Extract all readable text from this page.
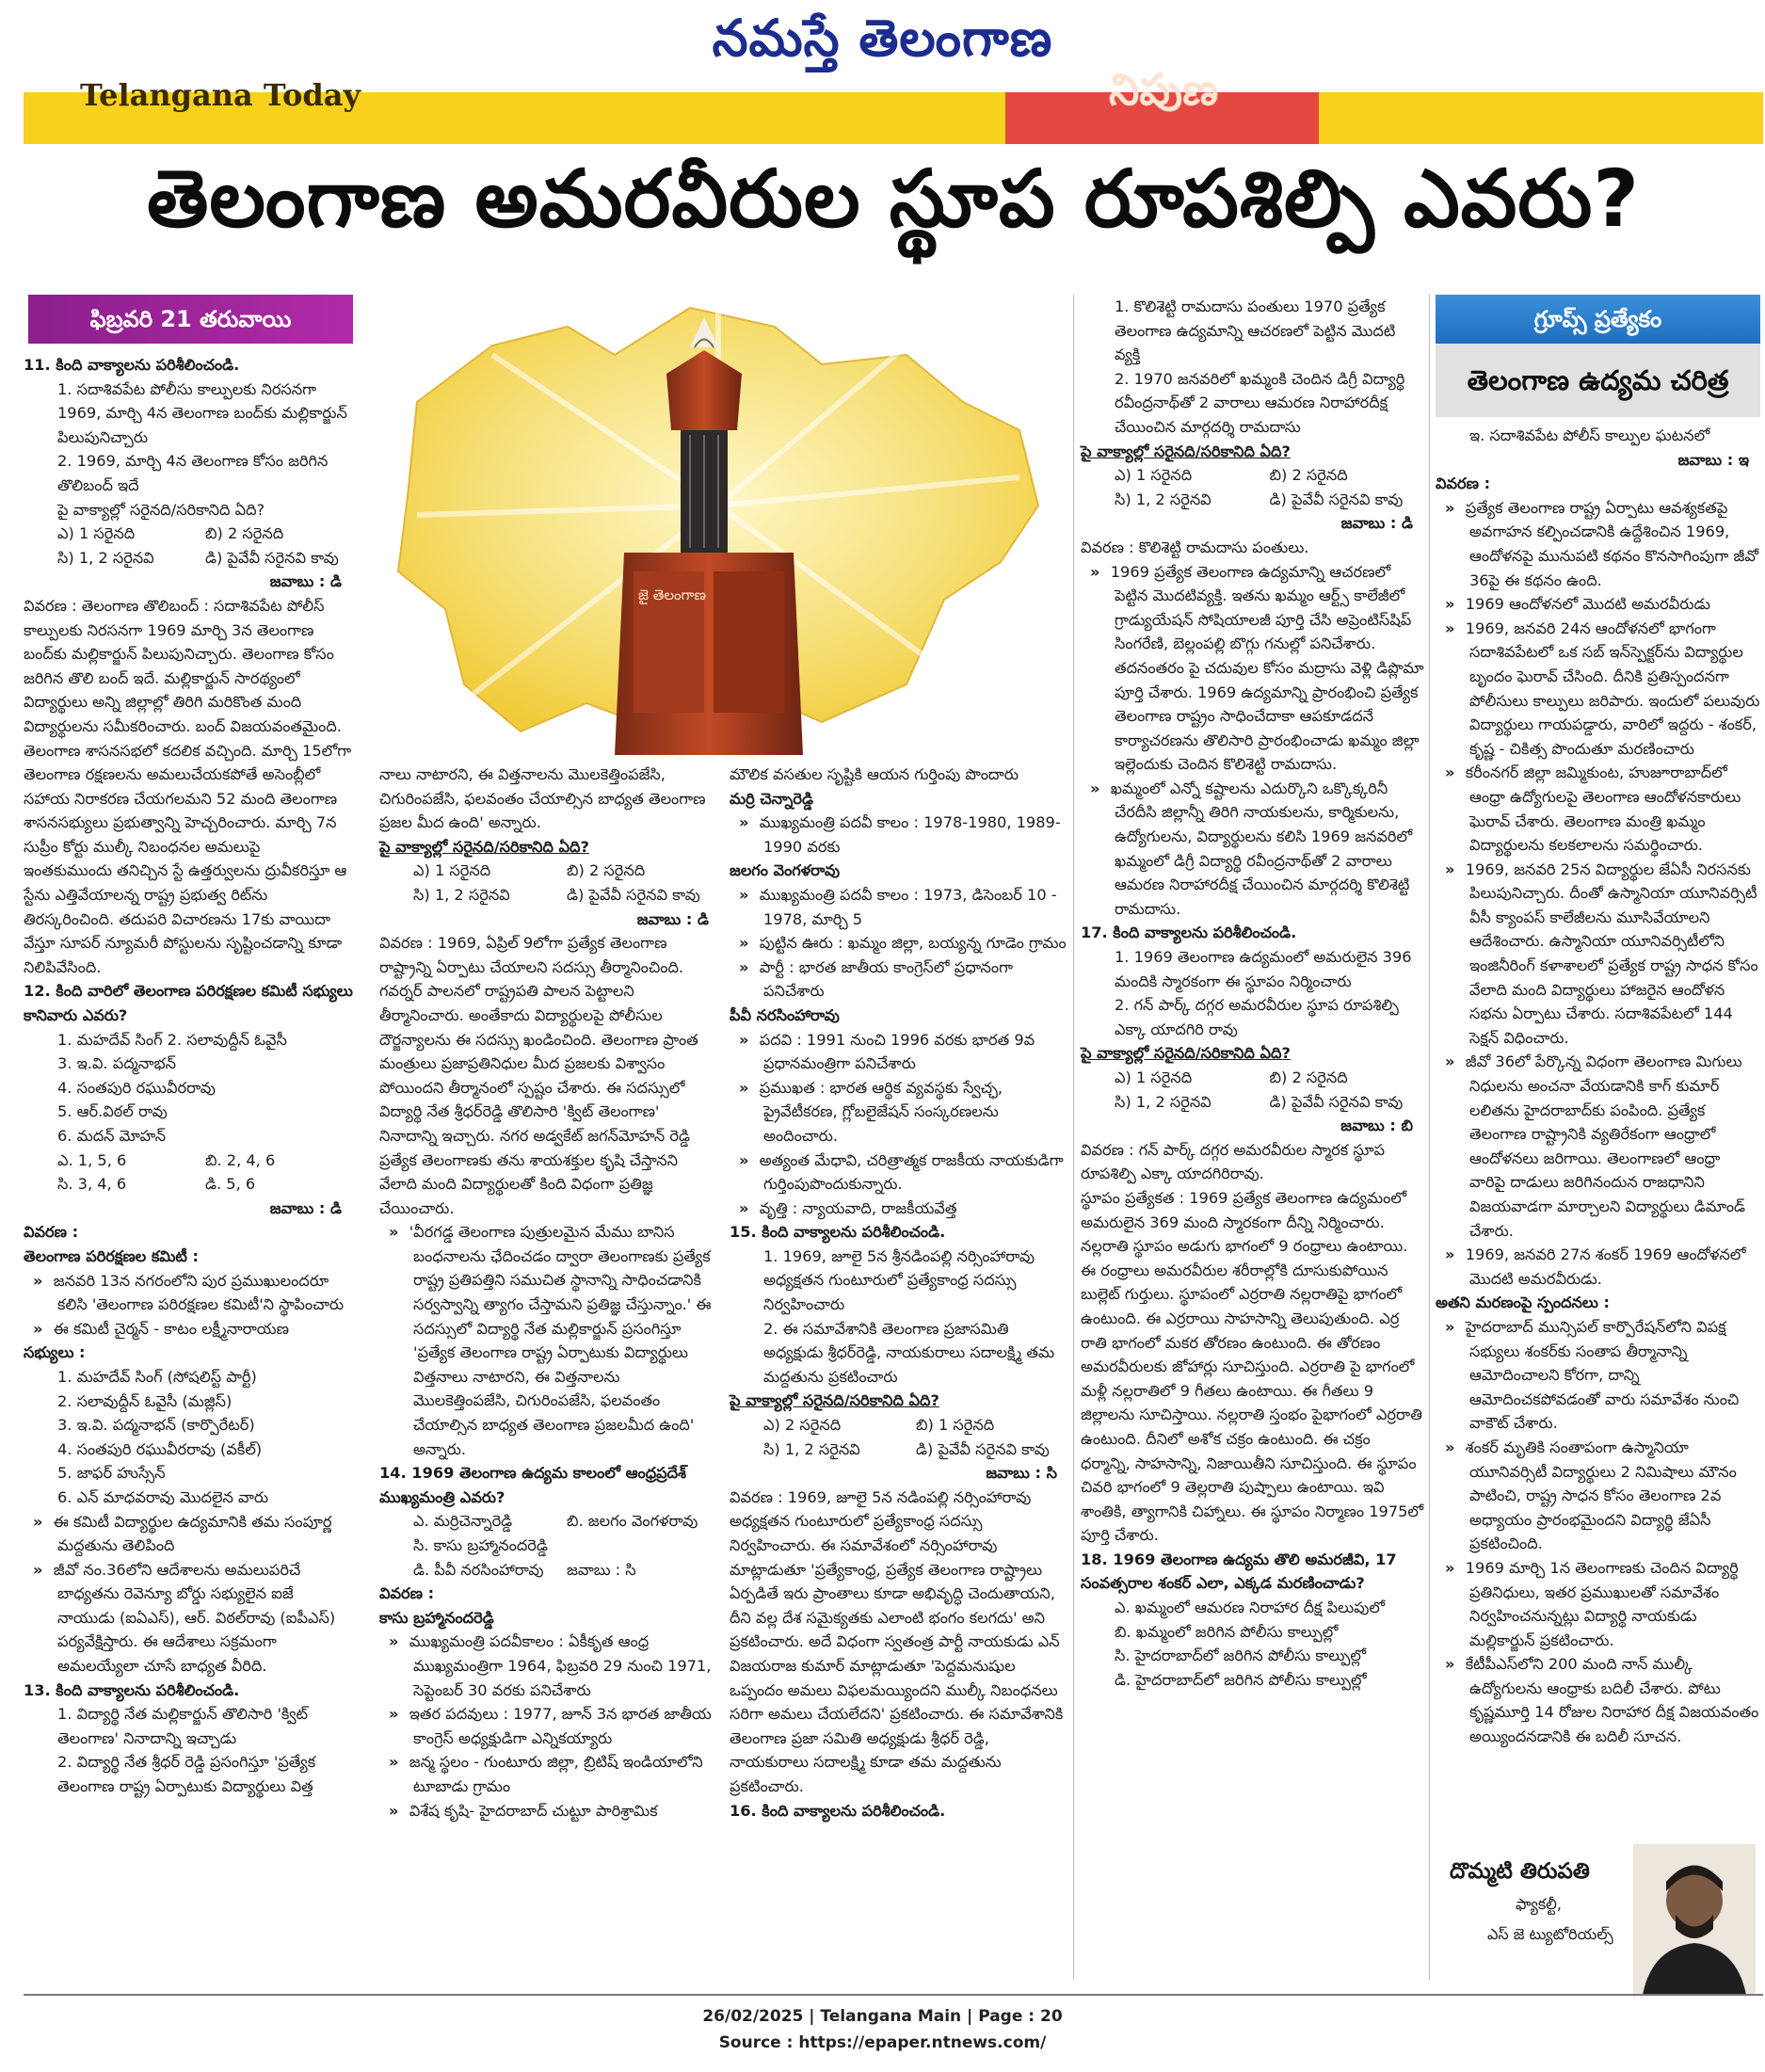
నమస్తే తెలంగాణ
Telangana Today	నిపుణ
తెలంగాణ అమరవీరుల స్థూప రూపశిల్పి ఎవరు?
ఫిబ్రవరి 21 తరువాయి

11. కింది వాక్యాలను పరిశీలించండి.

1. సదాశివపేట పోలీసు కాల్పులకు నిరసనగా 1969, మార్చి 4న తెలంగాణ బంద్‌కు మల్లికార్జున్ పిలుపునిచ్చారు

2. 1969, మార్చి 4న తెలంగాణ కోసం జరిగిన తొలిబంద్ ఇదే

పై వాక్యాల్లో సరైనది/సరికానిది ఏది?

ఎ) 1 సరైనది	బి) 2 సరైనది
సి) 1, 2 సరైనవి	డి) పైవేవీ సరైనవి కావు

జవాబు : డి

వివరణ : తెలంగాణ తొలిబంద్ : సదాశివపేట పోలీస్ కాల్పులకు నిరసనగా 1969 మార్చి 3న తెలంగాణ బంద్‌కు మల్లికార్జున్ పిలుపునిచ్చారు. తెలంగాణ కోసం జరిగిన తొలి బంద్ ఇదే. మల్లికార్జున్ సారథ్యంలో విద్యార్థులు అన్ని జిల్లాల్లో తిరిగి మరికొంత మంది విద్యార్థులను సమీకరించారు. బంద్ విజయవంతమైంది. తెలంగాణ శాసనసభలో కదలిక వచ్చింది. మార్చి 15లోగా తెలంగాణ రక్షణలను అమలుచేయకపోతే అసెంబ్లీలో సహాయ నిరాకరణ చేయగలమని 52 మంది తెలంగాణ శాసనసభ్యులు ప్రభుత్వాన్ని హెచ్చరించారు. మార్చి 7న సుప్రీం కోర్టు ముల్కీ నిబంధనల అమలుపై ఇంతకుముందు తనిచ్చిన స్టే ఉత్తర్వులను ద్రువీకరిస్తూ ఆ స్టేను ఎత్తివేయాలన్న రాష్ట్ర ప్రభుత్వ రిట్‌ను తిరస్కరించింది. తదుపరి విచారణను 17కు వాయిదా వేస్తూ సూపర్ న్యూమరీ పోస్టులను సృష్టించడాన్ని కూడా నిలిపివేసింది.

12. కింది వారిలో తెలంగాణ పరిరక్షణల కమిటీ సభ్యులు కానివారు ఎవరు?

1. మహదేవ్ సింగ్ 2. సలావుద్దీన్ ఓవైసీ

3. ఇ.వి. పద్మనాభన్

4. సంతపురి రఘువీరరావు

5. ఆర్.విఠల్ రావు

6. మదన్ మోహన్

ఎ. 1, 5, 6	బి. 2, 4, 6
సి. 3, 4, 6	డి. 5, 6

జవాబు : డి

వివరణ :

తెలంగాణ పరిరక్షణల కమిటీ :

»  జనవరి 13న నగరంలోని పుర ప్రముఖులందరూ కలిసి 'తెలంగాణ పరిరక్షణల కమిటీ'ని స్థాపించారు

»  ఈ కమిటీ చైర్మన్ - కాటం లక్ష్మీనారాయణ

సభ్యులు :

1. మహదేవ్ సింగ్ (సోషలిస్ట్ పార్టీ)

2. సలావుద్దీన్ ఓవైసీ (మజ్లిస్)

3. ఇ.వి. పద్మనాభన్ (కార్పొరేటర్)

4. సంతపురి రఘువీరరావు (వకీల్)

5. జాఫర్ హుస్సేన్

6. ఎన్ మాధవరావు మొదలైన వారు

»  ఈ కమిటీ విద్యార్థుల ఉద్యమానికి తమ సంపూర్ణ మద్దతును తెలిపింది

»  జీవో నం.36లోని ఆదేశాలను అమలుపరిచే బాధ్యతను రెవెన్యూ బోర్డు సభ్యులైన ఐజే నాయుడు (ఐఏఎస్), ఆర్. విఠల్‌రావు (ఐపీఎస్) పర్యవేక్షిస్తారు. ఈ ఆదేశాలు సక్రమంగా అమలయ్యేలా చూసే బాధ్యత వీరిది.

13. కింది వాక్యాలను పరిశీలించండి.

1. విద్యార్థి నేత మల్లికార్జున్ తొలిసారి 'క్విట్ తెలంగాణ' నినాదాన్ని ఇచ్చాడు

2. విద్యార్థి నేత శ్రీధర్ రెడ్డి ప్రసంగిస్తూ 'ప్రత్యేక తెలంగాణ రాష్ట్ర ఏర్పాటుకు విద్యార్థులు విత్త

జై తెలంగాణ

నాలు నాటారని, ఈ విత్తనాలను మొలకెత్తింపజేసి, చిగురింపజేసి, ఫలవంతం చేయాల్సిన బాధ్యత తెలంగాణ ప్రజల మీద ఉంది' అన్నారు.

పై వాక్యాల్లో సరైనది/సరికానిది ఏది?

ఎ) 1 సరైనది	బి) 2 సరైనది
సి) 1, 2 సరైనవి	డి) పైవేవీ సరైనవి కావు

జవాబు : డి

వివరణ : 1969, ఏప్రిల్ 9లోగా ప్రత్యేక తెలంగాణ రాష్ట్రాన్ని ఏర్పాటు చేయాలని సదస్సు తీర్మానించింది. గవర్నర్ పాలనలో రాష్ట్రపతి పాలన పెట్టాలని తీర్మానించారు. అంతేకాదు విద్యార్థులపై పోలీసుల దౌర్జన్యాలను ఈ సదస్సు ఖండించింది. తెలంగాణ ప్రాంత మంత్రులు ప్రజాప్రతినిధుల మీద ప్రజలకు విశ్వాసం పోయిందని తీర్మానంలో స్పష్టం చేశారు. ఈ సదస్సులో విద్యార్థి నేత శ్రీధర్‌రెడ్డి తొలిసారి 'క్విట్ తెలంగాణ' నినాదాన్ని ఇచ్చారు. నగర అడ్వకేట్ జగన్‌మోహన్ రెడ్డి ప్రత్యేక తెలంగాణకు తను శాయశక్తుల కృషి చేస్తానని వేలాది మంది విద్యార్థులతో కింది విధంగా ప్రతిజ్ఞ చేయించారు.

»  'వీరగడ్డ తెలంగాణ పుత్రులమైన మేము బానిస బంధనాలను ఛేదించడం ద్వారా తెలంగాణకు ప్రత్యేక రాష్ట్ర ప్రతిపత్తిని సముచిత స్థానాన్ని సాధించడానికి సర్వస్వాన్ని త్యాగం చేస్తామని ప్రతిజ్ఞ చేస్తున్నాం.' ఈ సదస్సులో విద్యార్థి నేత మల్లికార్జున్ ప్రసంగిస్తూ 'ప్రత్యేక తెలంగాణ రాష్ట్ర ఏర్పాటుకు విద్యార్థులు విత్తనాలు నాటారని, ఈ విత్తనాలను మొలకెత్తింపజేసి, చిగురింపజేసి, ఫలవంతం చేయాల్సిన బాధ్యత తెలంగాణ ప్రజలమీద ఉంది' అన్నారు.

14. 1969 తెలంగాణ ఉద్యమ కాలంలో ఆంధ్రప్రదేశ్ ముఖ్యమంత్రి ఎవరు?

ఎ. మర్రిచెన్నారెడ్డి	బి. జలగం వెంగళరావు

సి. కాసు బ్రహ్మానందరెడ్డి

డి. పీవీ నరసింహారావు	జవాబు : సి

వివరణ :

కాసు బ్రహ్మానందరెడ్డి

»  ముఖ్యమంత్రి పదవీకాలం : ఏకీకృత ఆంధ్ర ముఖ్యమంత్రిగా 1964, ఫిబ్రవరి 29 నుంచి 1971, సెప్టెంబర్ 30 వరకు పనిచేశారు

»  ఇతర పదవులు : 1977, జూన్ 3న భారత జాతీయ కాంగ్రెస్ అధ్యక్షుడిగా ఎన్నికయ్యారు

»  జన్మ స్థలం - గుంటూరు జిల్లా, బ్రిటిష్ ఇండియాలోని టూబాడు గ్రామం

»  విశేష కృషి- హైదరాబాద్ చుట్టూ పారిశ్రామిక

మౌలిక వసతుల సృష్టికి ఆయన గుర్తింపు పొందారు

మర్రి చెన్నారెడ్డి

»  ముఖ్యమంత్రి పదవీ కాలం : 1978-1980, 1989-1990 వరకు

జలగం వెంగళరావు

»  ముఖ్యమంత్రి పదవీ కాలం : 1973, డిసెంబర్ 10 - 1978, మార్చి 5

»  పుట్టిన ఊరు : ఖమ్మం జిల్లా, బయ్యన్న గూడెం గ్రామం

»  పార్టీ : భారత జాతీయ కాంగ్రెస్‌లో ప్రధానంగా పనిచేశారు

పీవీ నరసింహారావు

»  పదవి : 1991 నుంచి 1996 వరకు భారత 9వ ప్రధానమంత్రిగా పనిచేశారు

»  ప్రముఖత : భారత ఆర్థిక వ్యవస్థకు స్వేచ్ఛ, ప్రైవేటీకరణ, గ్లోబలైజేషన్ సంస్కరణలను అందించారు.

»  అత్యంత మేధావి, చరిత్రాత్మక రాజకీయ నాయకుడిగా గుర్తింపుపొందుకున్నారు.

»  వృత్తి : న్యాయవాది, రాజకీయవేత్త

15. కింది వాక్యాలను పరిశీలించండి.

1. 1969, జూలై 5న శ్రీనడింపల్లి నర్సింహారావు అధ్యక్షతన గుంటూరులో ప్రత్యేకాంధ్ర సదస్సు నిర్వహించారు

2. ఈ సమావేశానికి తెలంగాణ ప్రజాసమితి అధ్యక్షుడు శ్రీధర్‌రెడ్డి, నాయకురాలు సదాలక్ష్మి తమ మద్దతును ప్రకటించారు

పై వాక్యాల్లో సరైనది/సరికానిది ఏది?

ఎ) 2 సరైనది	బి) 1 సరైనది
సి) 1, 2 సరైనవి	డి) పైవేవీ సరైనవి కావు

జవాబు : సి

వివరణ : 1969, జూలై 5న నడింపల్లి నర్సింహారావు అధ్యక్షతన గుంటూరులో ప్రత్యేకాంధ్ర సదస్సు నిర్వహించారు. ఈ సమావేశంలో నర్సింహారావు మాట్లాడుతూ 'ప్రత్యేకాంధ్ర, ప్రత్యేక తెలంగాణ రాష్ట్రాలు ఏర్పడితే ఇరు ప్రాంతాలు కూడా అభివృద్ధి చెందుతాయని, దీని వల్ల దేశ సమైక్యతకు ఎలాంటి భంగం కలగదు' అని ప్రకటించారు. అదే విధంగా స్వతంత్ర పార్టీ నాయకుడు ఎన్ విజయరాజ కుమార్ మాట్లాడుతూ 'పెద్దమనుషుల ఒప్పందం అమలు విఫలమయ్యిందని ముల్కీ నిబంధనలు సరిగా అమలు చేయలేదని' ప్రకటించారు. ఈ సమావేశానికి తెలంగాణ ప్రజా సమితి అధ్యక్షుడు శ్రీధర్ రెడ్డి, నాయకురాలు సదాలక్ష్మి కూడా తమ మద్దతును ప్రకటించారు.

16. కింది వాక్యాలను పరిశీలించండి.

1. కొలిశెట్టి రామదాసు పంతులు 1970 ప్రత్యేక తెలంగాణ ఉద్యమాన్ని ఆచరణలో పెట్టిన మొదటి వ్యక్తి

2. 1970 జనవరిలో ఖమ్మంకి చెందిన డిగ్రీ విద్యార్థి రవీంద్రనాథ్‌తో 2 వారాలు ఆమరణ నిరాహారదీక్ష చేయించిన మార్గదర్శి రామదాసు

పై వాక్యాల్లో సరైనది/సరికానిది ఏది?

ఎ) 1 సరైనది	బి) 2 సరైనది
సి) 1, 2 సరైనవి	డి) పైవేవీ సరైనవి కావు

జవాబు : డి

వివరణ : కొలిశెట్టి రామదాసు పంతులు.

»  1969 ప్రత్యేక తెలంగాణ ఉద్యమాన్ని ఆచరణలో పెట్టిన మొదటివ్యక్తి. ఇతను ఖమ్మం ఆర్ట్స్ కాలేజీలో గ్రాడ్యుయేషన్ సోషియాలజీ పూర్తి చేసి అప్రెంటిస్‌షిప్ సింగరేణి, బెల్లంపల్లి బొగ్గు గనుల్లో పనిచేశారు. తదనంతరం పై చదువుల కోసం మద్రాసు వెళ్లి డిప్లొమా పూర్తి చేశారు. 1969 ఉద్యమాన్ని ప్రారంభించి ప్రత్యేక తెలంగాణ రాష్ట్రం సాధించేదాకా ఆపకూడదనే కార్యాచరణను తొలిసారి ప్రారంభించాడు ఖమ్మం జిల్లా ఇల్లెందుకు చెందిన కొలిశెట్టి రామదాసు.

»  ఖమ్మంలో ఎన్నో కష్టాలను ఎదుర్కొని ఒక్కొక్కరినీ చేరదీసి జిల్లాన్నీ తిరిగి నాయకులను, కార్మికులను, ఉద్యోగులను, విద్యార్థులను కలిసి 1969 జనవరిలో ఖమ్మంలో డిగ్రీ విద్యార్థి రవీంద్రనాథ్‌తో 2 వారాలు ఆమరణ నిరాహారదీక్ష చేయించిన మార్గదర్శి కొలిశెట్టి రామదాసు.

17. కింది వాక్యాలను పరిశీలించండి.

1. 1969 తెలంగాణ ఉద్యమంలో అమరులైన 396 మందికి స్మారకంగా ఈ స్థూపం నిర్మించారు

2. గన్ పార్క్ దగ్గర అమరవీరుల స్థూప రూపశిల్పి ఎక్కా యాదగిరి రావు

పై వాక్యాల్లో సరైనది/సరికానిది ఏది?

ఎ) 1 సరైనది	బి) 2 సరైనది
సి) 1, 2 సరైనవి	డి) పైవేవీ సరైనవి కావు

జవాబు : బి

వివరణ : గన్ పార్క్ దగ్గర అమరవీరుల స్మారక స్థూప రూపశిల్పి ఎక్కా యాదగిరిరావు.

స్థూపం ప్రత్యేకత : 1969 ప్రత్యేక తెలంగాణ ఉద్యమంలో అమరులైన 369 మంది స్మారకంగా దీన్ని నిర్మించారు. నల్లరాతి స్థూపం అడుగు భాగంలో 9 రంధ్రాలు ఉంటాయి. ఈ రంధ్రాలు అమరవీరుల శరీరాల్లోకి దూసుకుపోయిన బుల్లెట్ గుర్తులు. స్థూపంలో ఎర్రరాతి నల్లరాతిపై భాగంలో ఉంటుంది. ఈ ఎర్రరాయి సాహసాన్ని తెలుపుతుంది. ఎర్ర రాతి భాగంలో మకర తోరణం ఉంటుంది. ఈ తోరణం అమరవీరులకు జోహార్లు సూచిస్తుంది. ఎర్రరాతి పై భాగంలో మళ్లీ నల్లరాతిలో 9 గీతలు ఉంటాయి. ఈ గీతలు 9 జిల్లాలను సూచిస్తాయి. నల్లరాతి స్తంభం పైభాగంలో ఎర్రరాతి ఉంటుంది. దీనిలో అశోక చక్రం ఉంటుంది. ఈ చక్రం ధర్మాన్ని, సాహసాన్ని, నిజాయితీని సూచిస్తుంది. ఈ స్థూపం చివరి భాగంలో 9 తెల్లరాతి పుష్పాలు ఉంటాయి. ఇవి శాంతికి, త్యాగానికి చిహ్నాలు. ఈ స్థూపం నిర్మాణం 1975లో పూర్తి చేశారు.

18. 1969 తెలంగాణ ఉద్యమ తొలి అమరజీవి, 17 సంవత్సరాల శంకర్ ఎలా, ఎక్కడ మరణించాడు?

ఎ. ఖమ్మంలో ఆమరణ నిరాహార దీక్ష పిలుపులో

బి. ఖమ్మంలో జరిగిన పోలీసు కాల్పుల్లో

సి. హైదరాబాద్‌లో జరిగిన పోలీసు కాల్పుల్లో

డి. హైదరాబాద్‌లో జరిగిన పోలీసు కాల్పుల్లో

గ్రూప్స్ ప్రత్యేకం
తెలంగాణ ఉద్యమ చరిత్ర

ఇ. సదాశివపేట పోలీస్ కాల్పుల ఘటనలో

జవాబు : ఇ

వివరణ :

»  ప్రత్యేక తెలంగాణ రాష్ట్ర ఏర్పాటు ఆవశ్యకతపై అవగాహన కల్పించడానికి ఉద్దేశించిన 1969, ఆందోళనపై మునుపటి కథనం కొనసాగింపుగా జీవో 36పై ఈ కథనం ఉంది.

»  1969 ఆందోళనలో మొదటి అమరవీరుడు

»  1969, జనవరి 24న ఆందోళనలో భాగంగా సదాశివపేటలో ఒక సబ్ ఇన్‌స్పెక్టర్‌ను విద్యార్థుల బృందం ఘెరావ్ చేసింది. దీనికి ప్రతిస్పందనగా పోలీసులు కాల్పులు జరిపారు. ఇందులో పలువురు విద్యార్థులు గాయపడ్డారు, వారిలో ఇద్దరు - శంకర్, కృష్ణ - చికిత్స పొందుతూ మరణించారు

»  కరీంనగర్ జిల్లా జమ్మికుంట, హుజూరాబాద్‌లో ఆంధ్రా ఉద్యోగులపై తెలంగాణ ఆందోళనకారులు ఘెరావ్ చేశారు. తెలంగాణ మంత్రి ఖమ్మం విద్యార్థులను కలకలాలను సమర్థించారు.

»  1969, జనవరి 25న విద్యార్థుల జేఏసీ నిరసనకు పిలుపునిచ్చారు. దీంతో ఉస్మానియా యూనివర్సిటీ వీసీ క్యాంపస్ కాలేజీలను మూసివేయాలని ఆదేశించారు. ఉస్మానియా యూనివర్సిటీలోని ఇంజినీరింగ్ కళాశాలలో ప్రత్యేక రాష్ట్ర సాధన కోసం వేలాది మంది విద్యార్థులు హాజరైన ఆందోళన సభను ఏర్పాటు చేశారు. సదాశివపేటలో 144 సెక్షన్ విధించారు.

»  జీవో 36లో పేర్కొన్న విధంగా తెలంగాణ మిగులు నిధులను అంచనా వేయడానికి కాగ్ కుమార్ లలితను హైదరాబాద్‌కు పంపింది. ప్రత్యేక తెలంగాణ రాష్ట్రానికి వ్యతిరేకంగా ఆంధ్రాలో ఆందోళనలు జరిగాయి. తెలంగాణలో ఆంధ్రా వారిపై దాడులు జరిగినందున రాజధానిని విజయవాడగా మార్చాలని విద్యార్థులు డిమాండ్ చేశారు.

»  1969, జనవరి 27న శంకర్ 1969 ఆందోళనలో మొదటి అమరవీరుడు.

అతని మరణంపై స్పందనలు :

»  హైదరాబాద్ మున్సిపల్ కార్పొరేషన్‌లోని విపక్ష సభ్యులు శంకర్‌కు సంతాప తీర్మానాన్ని ఆమోదించాలని కోరగా, దాన్ని ఆమోదించకపోవడంతో వారు సమావేశం నుంచి వాకౌట్ చేశారు.

»  శంకర్ మృతికి సంతాపంగా ఉస్మానియా యూనివర్సిటీ విద్యార్థులు 2 నిమిషాలు మౌనం పాటించి, రాష్ట్ర సాధన కోసం తెలంగాణ 2వ అధ్యాయం ప్రారంభమైందని విద్యార్థి జేఏసీ ప్రకటించింది.

»  1969 మార్చి 1న తెలంగాణకు చెందిన విద్యార్థి ప్రతినిధులు, ఇతర ప్రముఖులతో సమావేశం నిర్వహించనున్నట్లు విద్యార్థి నాయకుడు మల్లికార్జున్ ప్రకటించారు.

»  కేటీపీఎస్‌లోని 200 మంది నాన్ ముల్కీ ఉద్యోగులను ఆంధ్రాకు బదిలీ చేశారు. పోటు కృష్ణమూర్తి 14 రోజుల నిరాహార దీక్ష విజయవంతం అయ్యిందనడానికి ఈ బదిలీ సూచన.

దొమ్మటి తిరుపతి
ఫ్యాకల్టీ,
ఎస్ జె ట్యుటోరియల్స్
26/02/2025 | Telangana Main | Page : 20
Source : https://epaper.ntnews.com/
